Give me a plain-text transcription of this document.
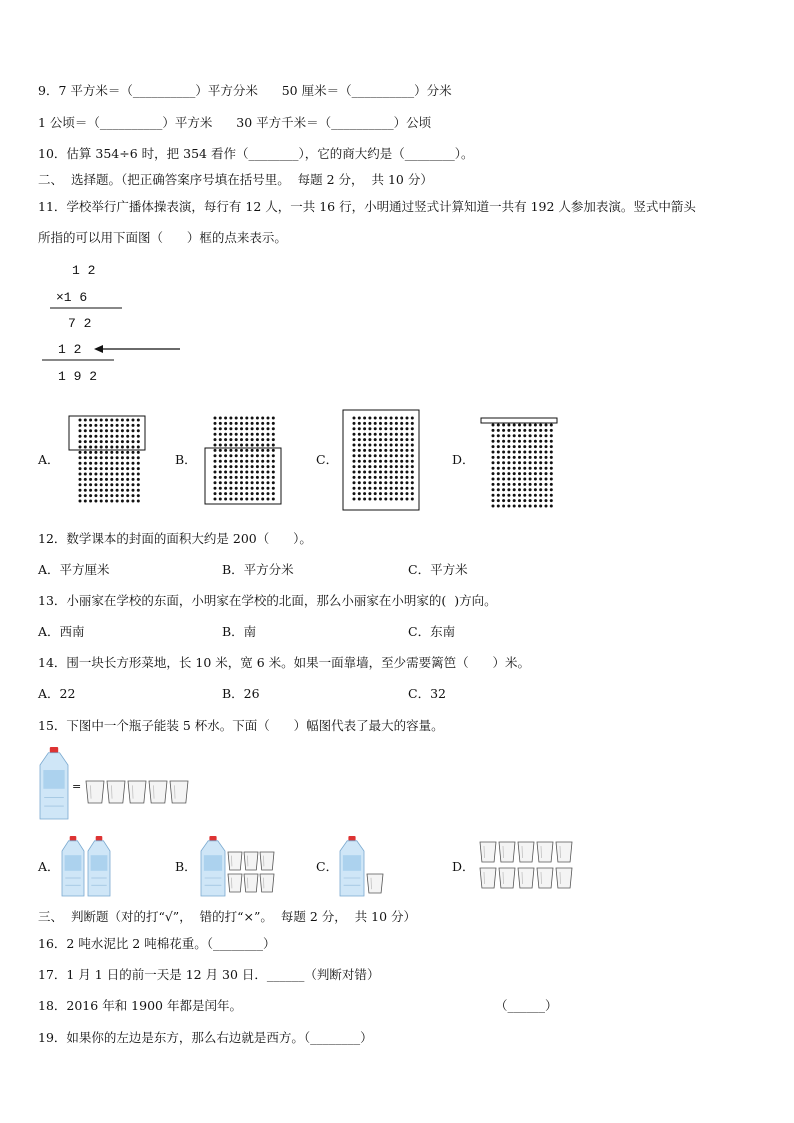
9．7 平方米＝（__________）平方分米      50 厘米＝（__________）分米
1 公顷＝（__________）平方米      30 平方千米＝（__________）公顷
10．估算 354÷6 时，把 354 看作（________），它的商大约是（________）。
二、  选择题。（把正确答案序号填在括号里。  每题 2 分，  共 10 分）
11．学校举行广播体操表演，每行有 12 人，一共 16 行，小明通过竖式计算知道一共有 192 人参加表演。竖式中箭头
所指的可以用下面图（      ）框的点来表示。
1 2
×1 6
7 2
1 2
1 9 2
A．	B．	C．	D．
12．数学课本的封面的面积大约是 200（      ）。
A．平方厘米	B．平方分米	C．平方米
13．小丽家在学校的东面，小明家在学校的北面，那么小丽家在小明家的(  )方向。
A．西南	B．南	C．东南
14．围一块长方形菜地，长 10 米，宽 6 米。如果一面靠墙，至少需要篱笆（      ）米。
A．22	B．26	C．32
15．下图中一个瓶子能装 5 杯水。下面（      ）幅图代表了最大的容量。
=
A．	B．	C．	D．
三、  判断题（对的打“√”，  错的打“×”。  每题 2 分，  共 10 分）
16．2 吨水泥比 2 吨棉花重。（________）
17．1 月 1 日的前一天是 12 月 30 日．______（判断对错）
18．2016 年和 1900 年都是闰年。	（______）
19．如果你的左边是东方，那么右边就是西方。（________）
